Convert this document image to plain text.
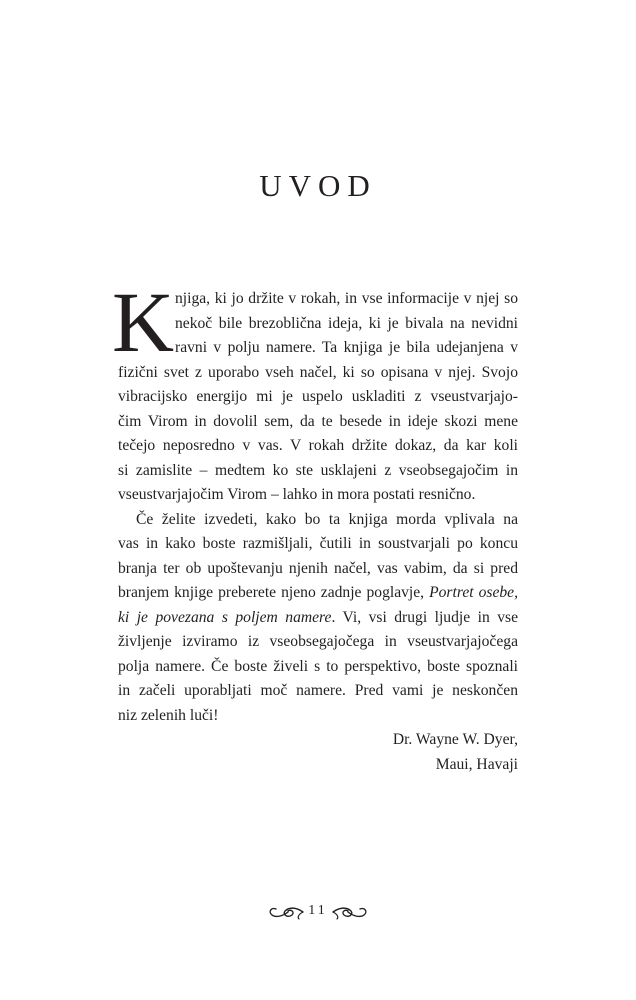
UVOD
K njiga, ki jo držite v rokah, in vse informacije v njej so
nekoč bile brezoblična ideja, ki je bivala na nevidni
ravni v polju namere. Ta knjiga je bila udejanjena v
fizični svet z uporabo vseh načel, ki so opisana v njej. Svojo
vibracijsko energijo mi je uspelo uskladiti z vseustvarjajo-
čim Virom in dovolil sem, da te besede in ideje skozi mene
tečejo neposredno v vas. V rokah držite dokaz, da kar koli
si zamislite – medtem ko ste usklajeni z vseobsegajočim in
vseustvarjajočim Virom – lahko in mora postati resnično.
Če želite izvedeti, kako bo ta knjiga morda vplivala na
vas in kako boste razmišljali, čutili in soustvarjali po koncu
branja ter ob upoštevanju njenih načel, vas vabim, da si pred
branjem knjige preberete njeno zadnje poglavje, Portret osebe,
ki je povezana s poljem namere. Vi, vsi drugi ljudje in vse
življenje izviramo iz vseobsegajočega in vseustvarjajočega
polja namere. Če boste živeli s to perspektivo, boste spoznali
in začeli uporabljati moč namere. Pred vami je neskončen
niz zelenih luči!
Dr. Wayne W. Dyer,
Maui, Havaji
11
